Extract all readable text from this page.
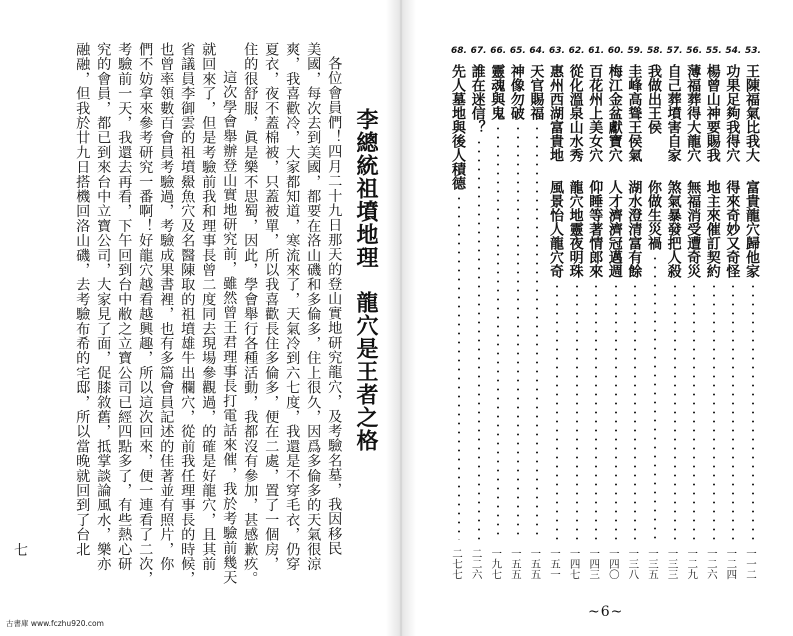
李總統祖墳地理龍穴是王者之格
各位會員們！四月二十九日那天的登山實地研究龍穴，及考驗名墓，我因移民
美國，每次去到美國，都要在洛山磯和多倫多，住上很久，因爲多倫多的天氣很涼
爽，我喜歡冷，大家都知道，寒流來了，天氣冷到六七度，我還是不穿毛衣，仍穿
夏衣，夜不蓋棉被，只蓋被單，所以我喜歡長住多倫多，便在二處，置了一個房，
住的很舒服，眞是樂不思蜀，因此，學會舉行各種活動，我都沒有參加，甚感歉疚。
這次學會舉辦登山實地研究前，雖然曾王君理事長打電話來催，我於考驗前幾天
就回來了，但是考驗前我和理事長曾二度同去現場參觀過，的確是好龍穴，且其前
省議員李御雲的祖墳鱟魚穴及名醫陳取的祖墳雄牛出欄穴，從前我任理事長的時候，
也曾率領數百會員考驗過，考驗成果書裡，也有多篇會員記述的佳著並有照片，你
們不妨拿來參考研究一番啊！好龍穴越看越興趣，所以這次回來，便一連看了二次，
考驗前一天，我還去再看，下午回到台中敝之立寶公司已經四點多了，有些熱心研
究的會員，都已到來台中立寶公司，大家見了面，促膝敘舊，抵掌談論風水，樂亦
融融，但我於廿九日搭機回洛山磯，去考驗布希的宅邸，所以當晚就回到了台北
七
古書庫 www.fczhu920.com
53.
王陳福氣比我大
富貴龍穴歸他家
一一二
54.
功果足夠我得穴
得來奇妙又奇怪
一二四
55.
楊曾山神要賜我
地主來催訂契約
一二六
56.
薄福葬得大龍穴
無福消受遭奇災
一二九
57.
自己葬墳害自家
煞氣暴發把人殺
一三三
58.
我做出王侯
你做生災禍
一三五
59.
圭峰高聳王侯氣
湖水澄清富有餘
一三八
60.
梅江金盆獻寶穴
人才濟濟冠邁週
一四〇
61.
百花州上美女穴
仰睡等著情郎來
一四三
62.
從化溫泉山水秀
龍穴地靈夜明珠
一四七
63.
惠州西湖富貴地
風景怡人龍穴奇
一五一
64.
天官賜福
一五五
65.
神像勿破
一五五
66.
靈魂與鬼
一九七
67.
誰在迷信？
二二六
68.
先人墓地與後人積德
二七七
~6~
